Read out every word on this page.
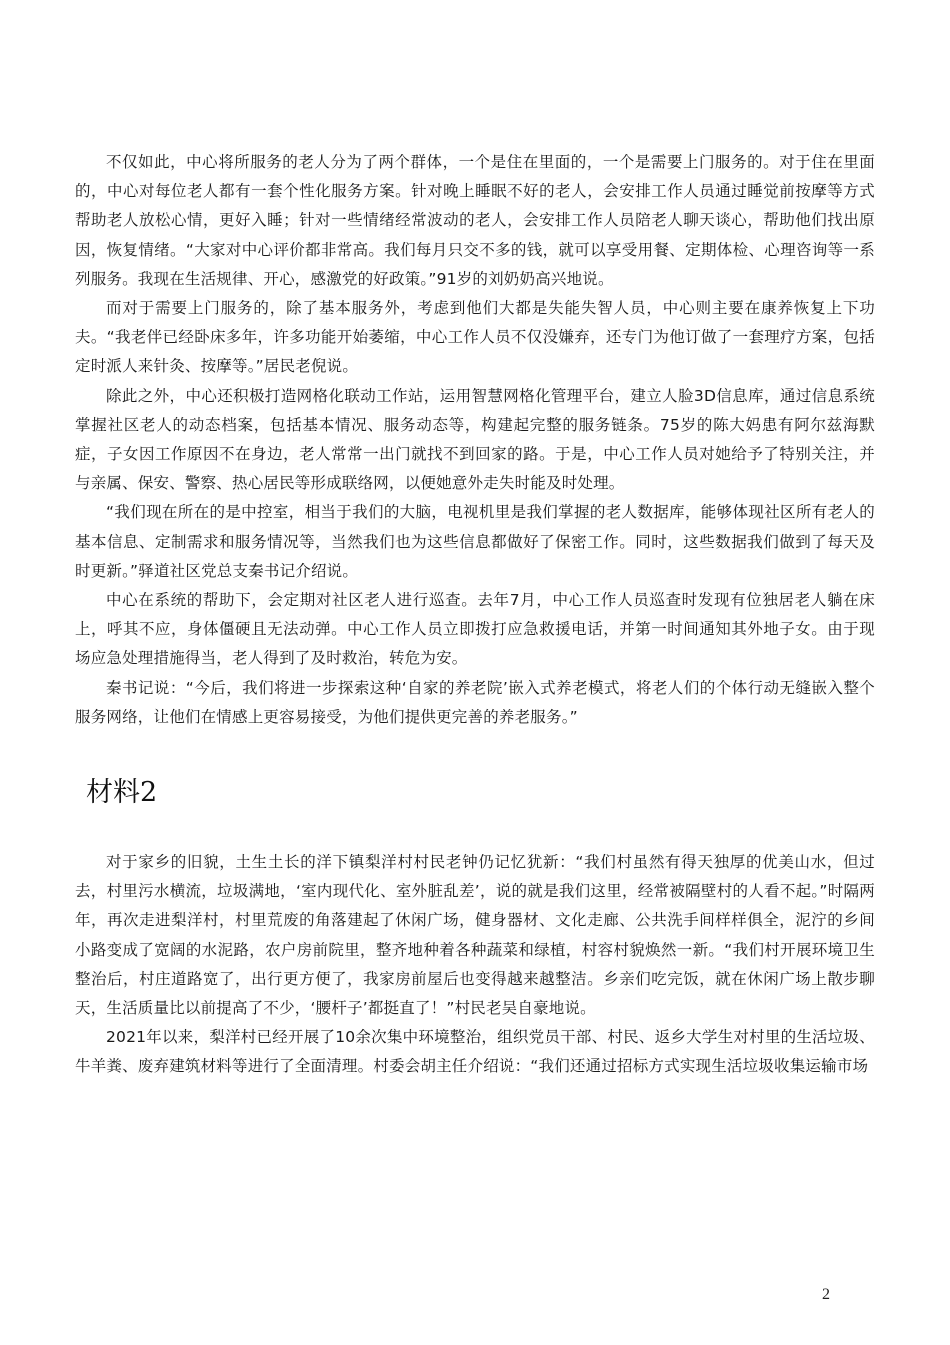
不仅如此，中心将所服务的老人分为了两个群体，一个是住在里面的，一个是需要上门服务的。对于住在里面的，中心对每位老人都有一套个性化服务方案。针对晚上睡眠不好的老人，会安排工作人员通过睡觉前按摩等方式帮助老人放松心情，更好入睡；针对一些情绪经常波动的老人，会安排工作人员陪老人聊天谈心，帮助他们找出原因，恢复情绪。“大家对中心评价都非常高。我们每月只交不多的钱，就可以享受用餐、定期体检、心理咨询等一系列服务。我现在生活规律、开心，感激党的好政策。”91岁的刘奶奶高兴地说。

而对于需要上门服务的，除了基本服务外，考虑到他们大都是失能失智人员，中心则主要在康养恢复上下功夫。“我老伴已经卧床多年，许多功能开始萎缩，中心工作人员不仅没嫌弃，还专门为他订做了一套理疗方案，包括定时派人来针灸、按摩等。”居民老倪说。

除此之外，中心还积极打造网格化联动工作站，运用智慧网格化管理平台，建立人脸3D信息库，通过信息系统掌握社区老人的动态档案，包括基本情况、服务动态等，构建起完整的服务链条。75岁的陈大妈患有阿尔兹海默症，子女因工作原因不在身边，老人常常一出门就找不到回家的路。于是，中心工作人员对她给予了特别关注，并与亲属、保安、警察、热心居民等形成联络网，以便她意外走失时能及时处理。

“我们现在所在的是中控室，相当于我们的大脑，电视机里是我们掌握的老人数据库，能够体现社区所有老人的基本信息、定制需求和服务情况等，当然我们也为这些信息都做好了保密工作。同时，这些数据我们做到了每天及时更新。”驿道社区党总支秦书记介绍说。

中心在系统的帮助下，会定期对社区老人进行巡查。去年7月，中心工作人员巡查时发现有位独居老人躺在床上，呼其不应，身体僵硬且无法动弹。中心工作人员立即拨打应急救援电话，并第一时间通知其外地子女。由于现场应急处理措施得当，老人得到了及时救治，转危为安。

秦书记说：“今后，我们将进一步探索这种‘自家的养老院’嵌入式养老模式，将老人们的个体行动无缝嵌入整个服务网络，让他们在情感上更容易接受，为他们提供更完善的养老服务。”

材料2

对于家乡的旧貌，土生土长的洋下镇梨洋村村民老钟仍记忆犹新：“我们村虽然有得天独厚的优美山水，但过去，村里污水横流，垃圾满地，‘室内现代化、室外脏乱差’，说的就是我们这里，经常被隔壁村的人看不起。”时隔两年，再次走进梨洋村，村里荒废的角落建起了休闲广场，健身器材、文化走廊、公共洗手间样样俱全，泥泞的乡间小路变成了宽阔的水泥路，农户房前院里，整齐地种着各种蔬菜和绿植，村容村貌焕然一新。“我们村开展环境卫生整治后，村庄道路宽了，出行更方便了，我家房前屋后也变得越来越整洁。乡亲们吃完饭，就在休闲广场上散步聊天，生活质量比以前提高了不少，‘腰杆子’都挺直了！”村民老吴自豪地说。

2021年以来，梨洋村已经开展了10余次集中环境整治，组织党员干部、村民、返乡大学生对村里的生活垃圾、牛羊粪、废弃建筑材料等进行了全面清理。村委会胡主任介绍说：“我们还通过招标方式实现生活垃圾收集运输市场

2
